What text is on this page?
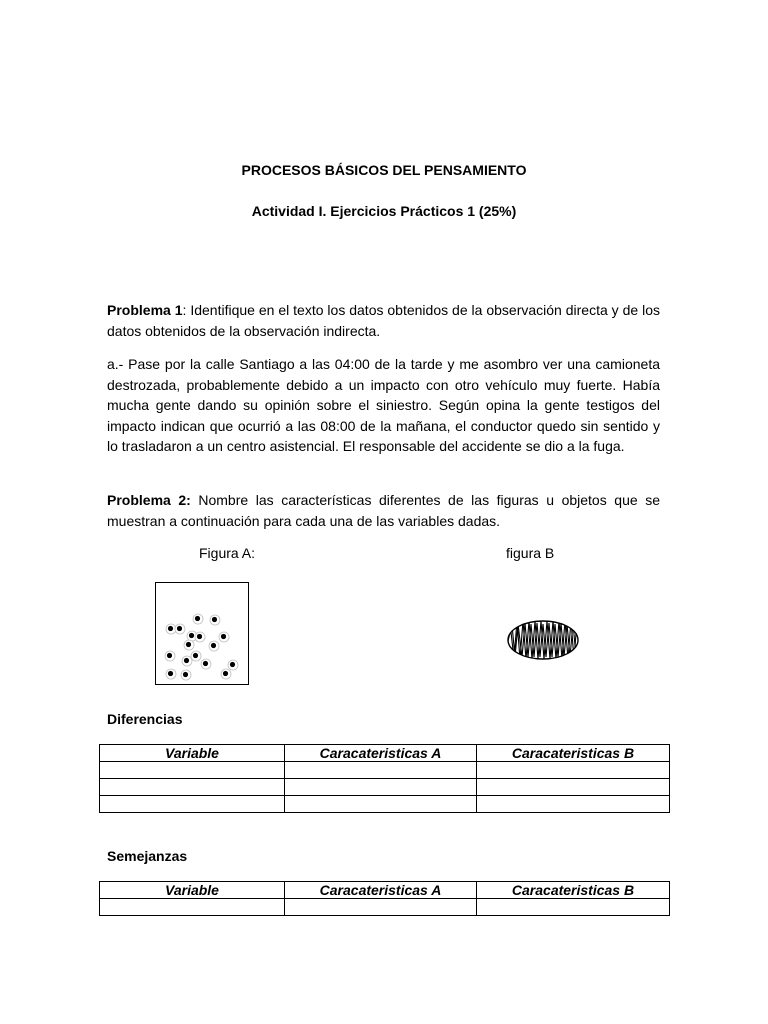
PROCESOS BÁSICOS DEL PENSAMIENTO
Actividad I. Ejercicios Prácticos 1 (25%)
Problema 1: Identifique en el texto los datos obtenidos de la observación directa y de los datos obtenidos de la observación indirecta.
a.- Pase por la calle Santiago a las 04:00 de la tarde y me asombro ver una camioneta destrozada, probablemente debido a un impacto con otro vehículo muy fuerte. Había mucha gente dando su opinión sobre el siniestro. Según opina la gente testigos del impacto indican que ocurrió a las 08:00 de la mañana, el conductor quedo sin sentido y lo trasladaron a un centro asistencial. El responsable del accidente se dio a la fuga.
Problema 2: Nombre las características diferentes de las figuras u objetos que se muestran a continuación para cada una de las variables dadas.
Figura A:	figura B
Diferencias
Variable	Caracateristicas A	Caracateristicas B

Semejanzas
Variable	Caracateristicas A	Caracateristicas B
